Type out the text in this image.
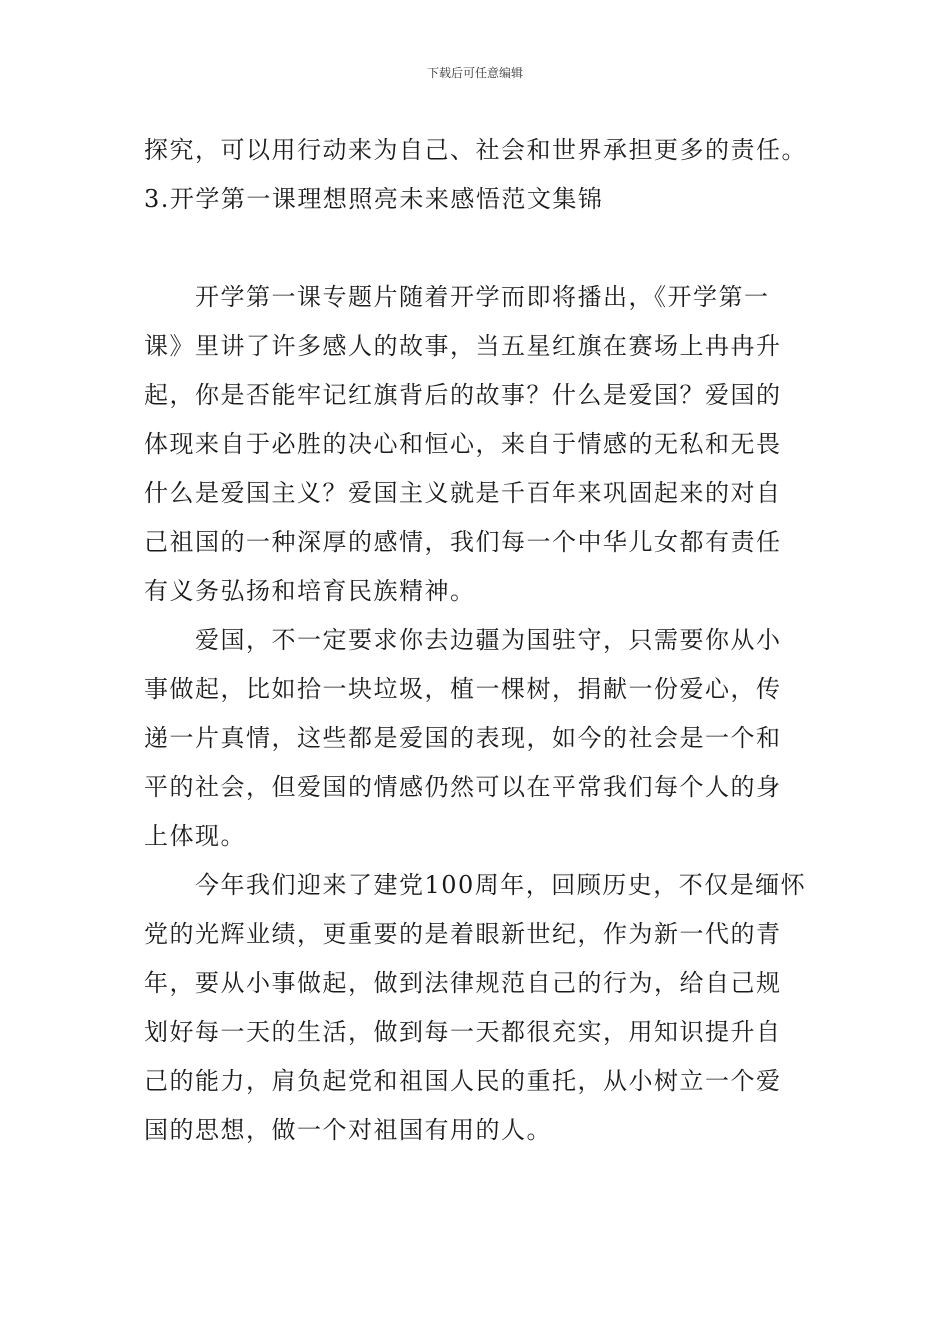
下载后可任意编辑
探究，可以用行动来为自己、社会和世界承担更多的责任。
3.开学第一课理想照亮未来感悟范文集锦
开学第一课专题片随着开学而即将播出，《开学第一
课》里讲了许多感人的故事，当五星红旗在赛场上冉冉升
起，你是否能牢记红旗背后的故事？什么是爱国？爱国的
体现来自于必胜的决心和恒心，来自于情感的无私和无畏
什么是爱国主义？爱国主义就是千百年来巩固起来的对自
己祖国的一种深厚的感情，我们每一个中华儿女都有责任
有义务弘扬和培育民族精神。
爱国，不一定要求你去边疆为国驻守，只需要你从小
事做起，比如拾一块垃圾，植一棵树，捐献一份爱心，传
递一片真情，这些都是爱国的表现，如今的社会是一个和
平的社会，但爱国的情感仍然可以在平常我们每个人的身
上体现。
今年我们迎来了建党100周年，回顾历史，不仅是缅怀
党的光辉业绩，更重要的是着眼新世纪，作为新一代的青
年，要从小事做起，做到法律规范自己的行为，给自己规
划好每一天的生活，做到每一天都很充实，用知识提升自
己的能力，肩负起党和祖国人民的重托，从小树立一个爱
国的思想，做一个对祖国有用的人。
